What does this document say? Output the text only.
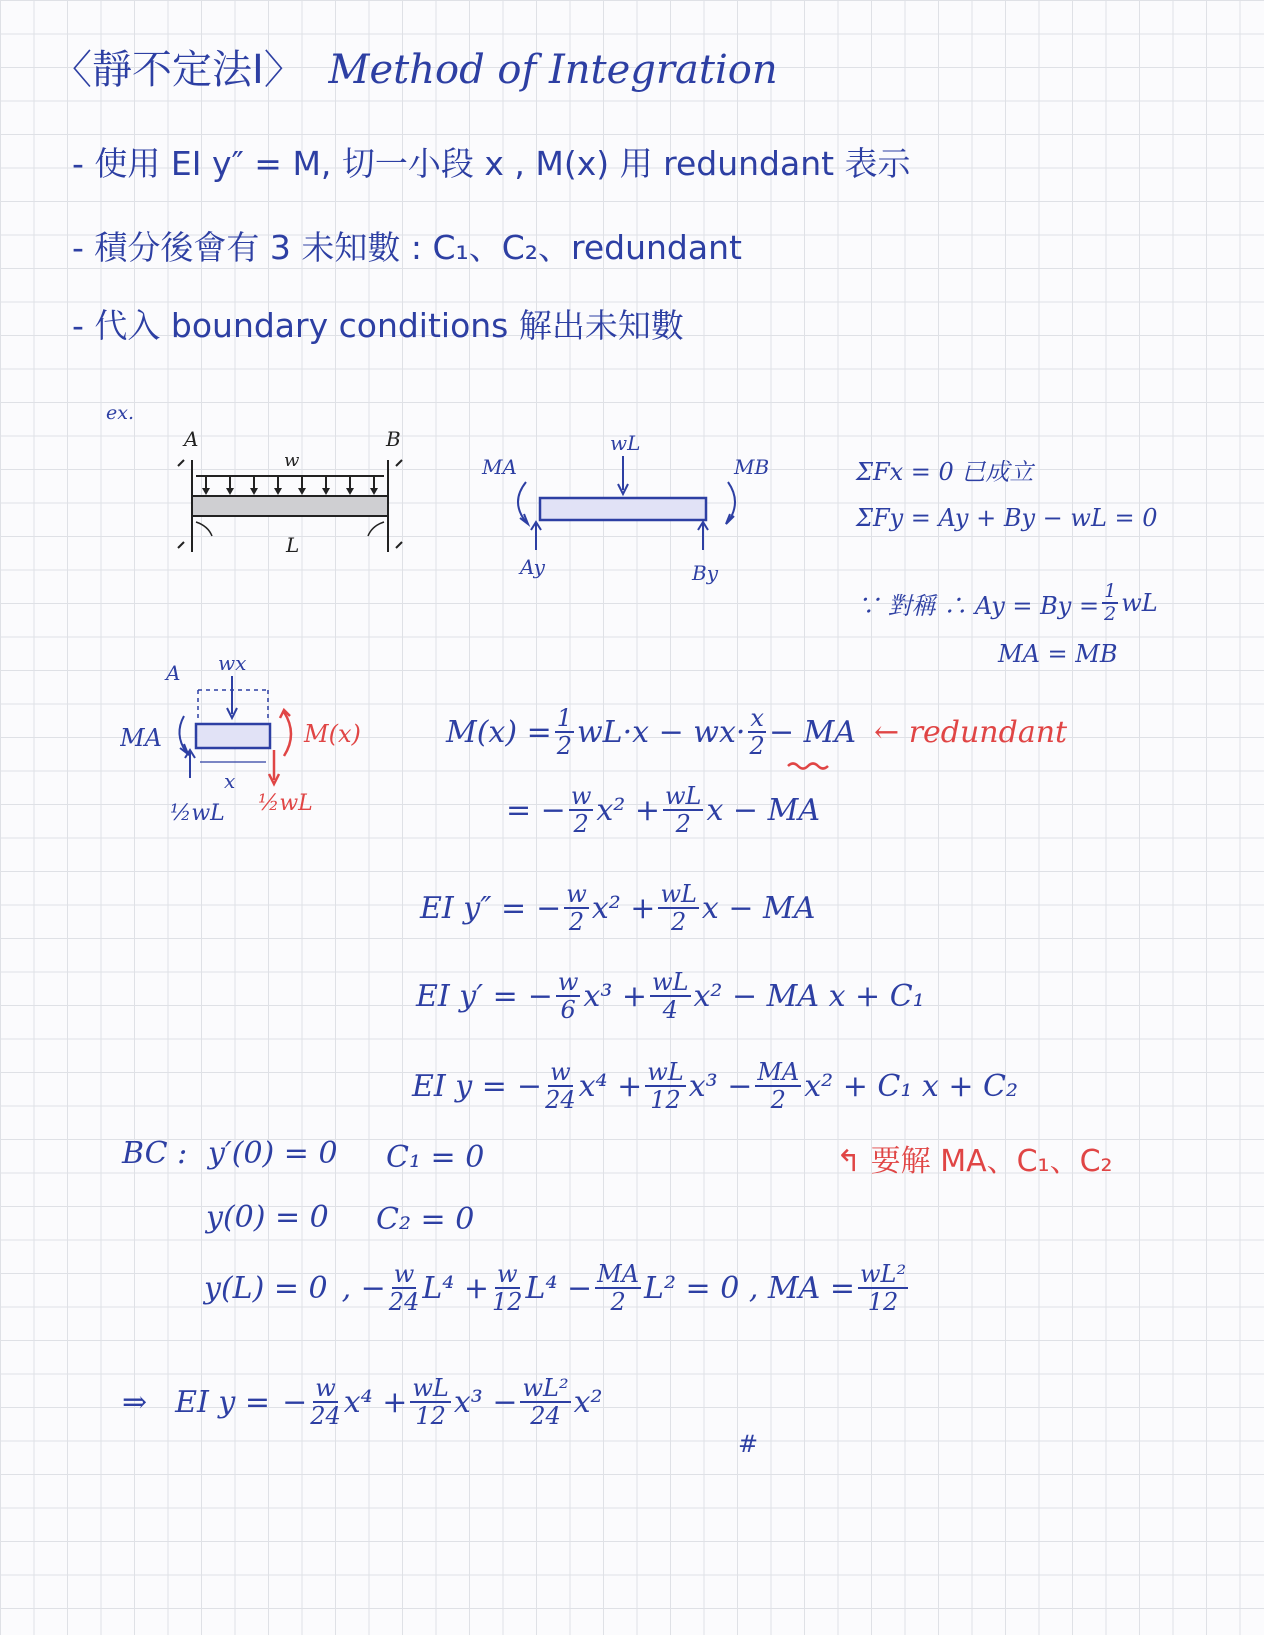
〈靜不定法Ⅰ〉 Method of Integration
- 使用 EI y″ = M, 切一小段 x , M(x) 用 redundant 表示
- 積分後會有 3 未知數 : C₁、C₂、redundant
- 代入 boundary conditions 解出未知數
ex.
A	B
w
L
wL
MA	MB
Ay	By
ΣFx = 0 已成立
ΣFy = Ay + By − wL = 0
∵ 對稱 ∴ $Ay = By = \frac{1}{2}$ wL
MA = MB
A wx
MA	M(x)
x
½wL ½wL
$M(x) = \frac{1}{2} wL\cdot x - wx\cdot \frac{x}{2}$ − MA ← redundant
= − $\frac{w}{2} x^2 + \frac{wL}{2}$ x − MA
EI y″ = − $\frac{w}{2} x^2 + \frac{wL}{2}$ x − MA
EI y′ = − $\frac{w}{6} x^3 + \frac{wL}{4} x^2$ − MA x + C₁
EI y = − $\frac{w}{24} x^4 + \frac{wL}{12} x^3 - \frac{MA}{2} x^2 + C_1$ x + C₂
↰ 要解 MA、C₁、C₂
BC : y′(0) = 0 C₁ = 0
y(0) = 0 C₂ = 0
y(L) = 0 , − $\frac{w}{24} L^4 + \frac{w}{12} L^4 - \frac{MA}{2} L^2 = 0$ , MA = $\frac{\text{wL²}}{12}$
⇒ EI y = − $\frac{w}{24} x^4 + \frac{wL}{12} x^3 - \frac{\text{wL²}}{24} x^2$
#
